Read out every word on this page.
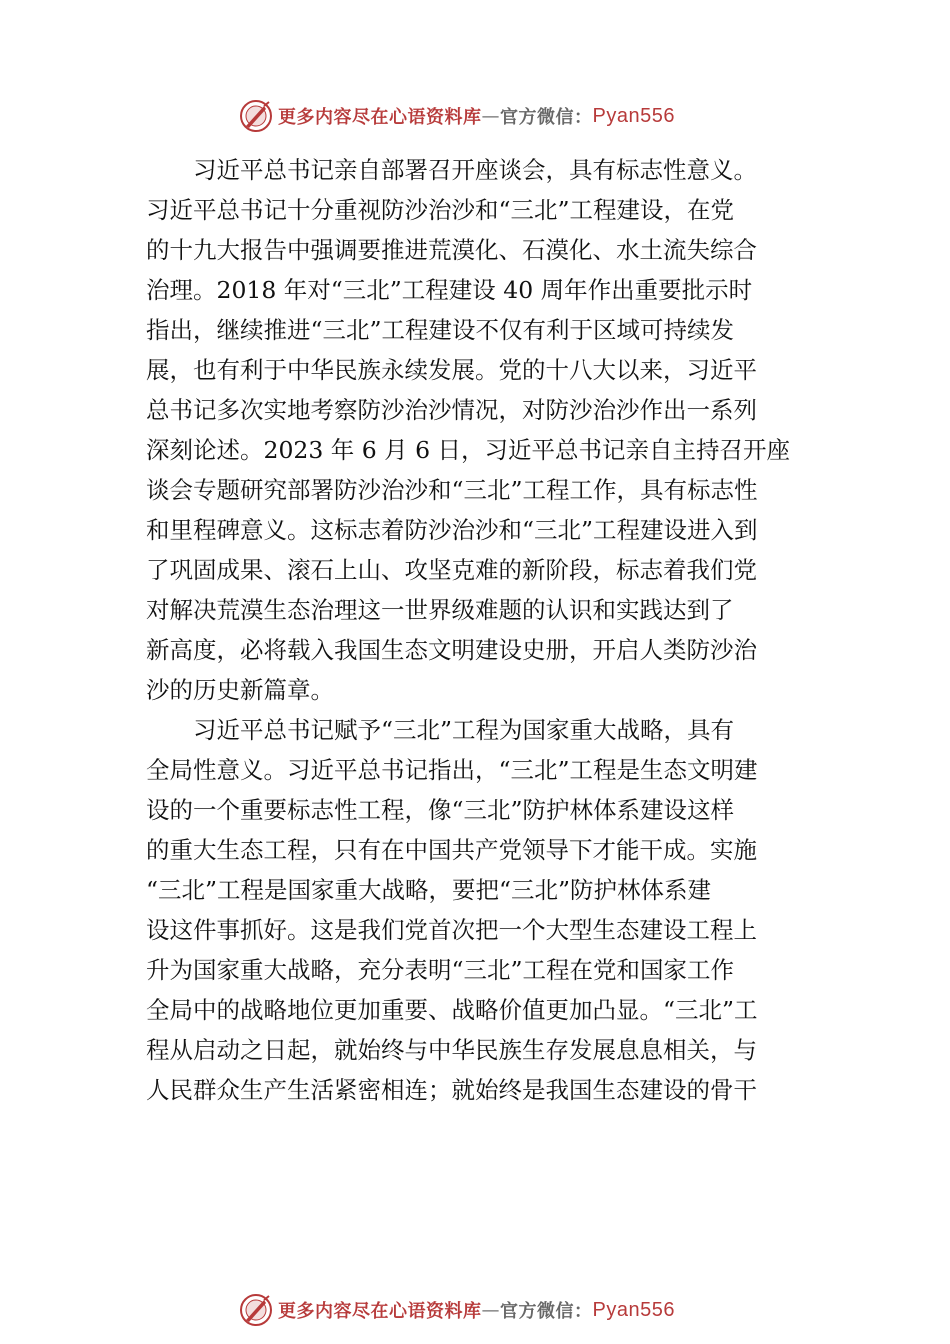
更多内容尽在心语资料库 — 官方微信： Pyan556
习近平总书记亲自部署召开座谈会，具有标志性意义。
习近平总书记十分重视防沙治沙和“三北”工程建设，在党
的十九大报告中强调要推进荒漠化、石漠化、水土流失综合
治理。2018 年对“三北”工程建设 40 周年作出重要批示时
指出，继续推进“三北”工程建设不仅有利于区域可持续发
展，也有利于中华民族永续发展。党的十八大以来，习近平
总书记多次实地考察防沙治沙情况，对防沙治沙作出一系列
深刻论述。2023 年 6 月 6 日，习近平总书记亲自主持召开座
谈会专题研究部署防沙治沙和“三北”工程工作，具有标志性
和里程碑意义。这标志着防沙治沙和“三北”工程建设进入到
了巩固成果、滚石上山、攻坚克难的新阶段，标志着我们党
对解决荒漠生态治理这一世界级难题的认识和实践达到了
新高度，必将载入我国生态文明建设史册，开启人类防沙治
沙的历史新篇章。
习近平总书记赋予“三北”工程为国家重大战略，具有
全局性意义。习近平总书记指出，“三北”工程是生态文明建
设的一个重要标志性工程，像“三北”防护林体系建设这样
的重大生态工程，只有在中国共产党领导下才能干成。实施
“三北”工程是国家重大战略，要把“三北”防护林体系建
设这件事抓好。这是我们党首次把一个大型生态建设工程上
升为国家重大战略，充分表明“三北”工程在党和国家工作
全局中的战略地位更加重要、战略价值更加凸显。“三北”工
程从启动之日起，就始终与中华民族生存发展息息相关，与
人民群众生产生活紧密相连；就始终是我国生态建设的骨干
更多内容尽在心语资料库 — 官方微信： Pyan556
